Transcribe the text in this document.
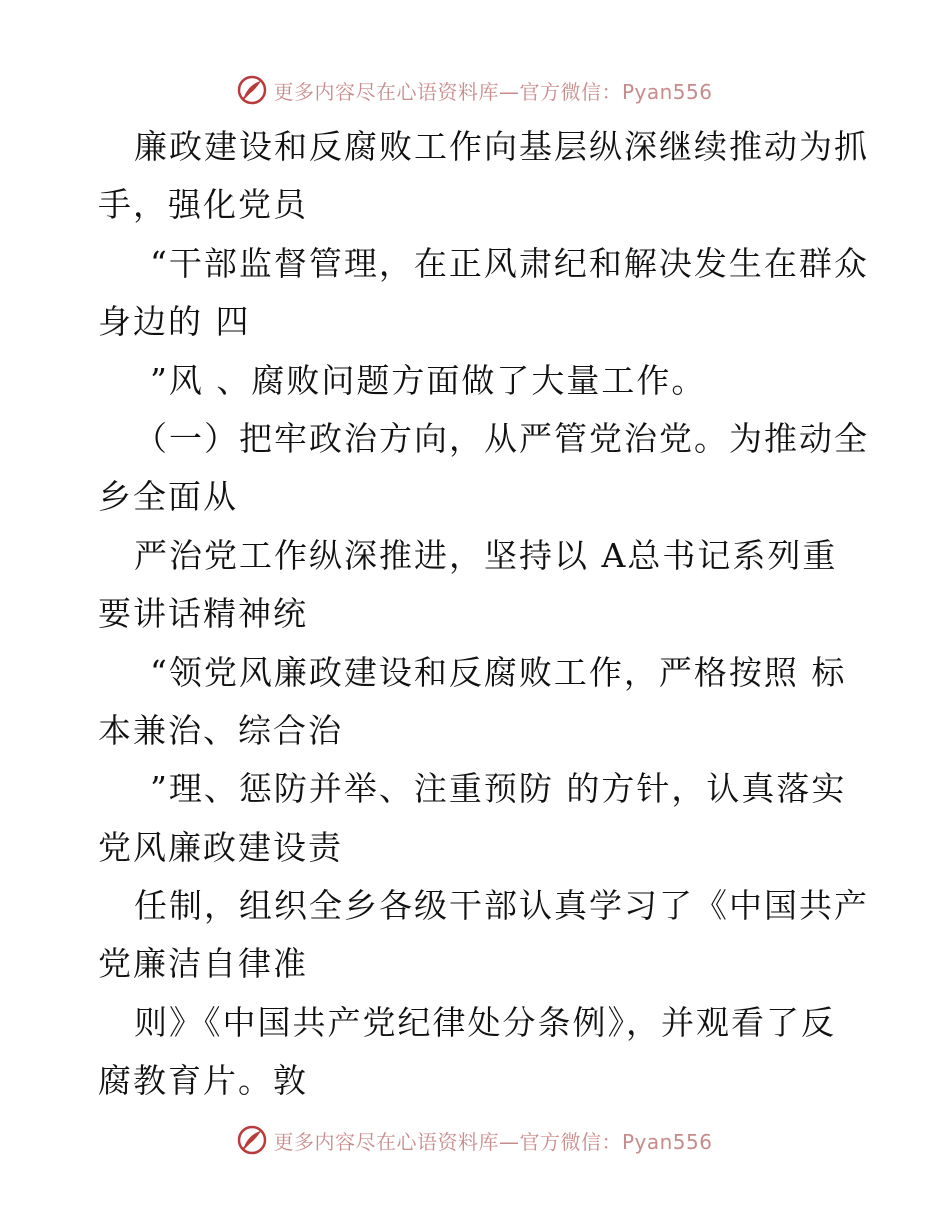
更多内容尽在心语资料库—官方微信：Pyan556
廉政建设和反腐败工作向基层纵深继续推动为抓
手，强化党员
“干部监督管理，在正风肃纪和解决发生在群众
身边的 四
”风 、腐败问题方面做了大量工作。
（一）把牢政治方向，从严管党治党。为推动全
乡全面从
严治党工作纵深推进，坚持以 A总书记系列重
要讲话精神统
“领党风廉政建设和反腐败工作，严格按照 标
本兼治、综合治
”理、惩防并举、注重预防 的方针，认真落实
党风廉政建设责
任制，组织全乡各级干部认真学习了《中国共产
党廉洁自律准
则》《中国共产党纪律处分条例》，并观看了反
腐教育片。敦
更多内容尽在心语资料库—官方微信：Pyan556
